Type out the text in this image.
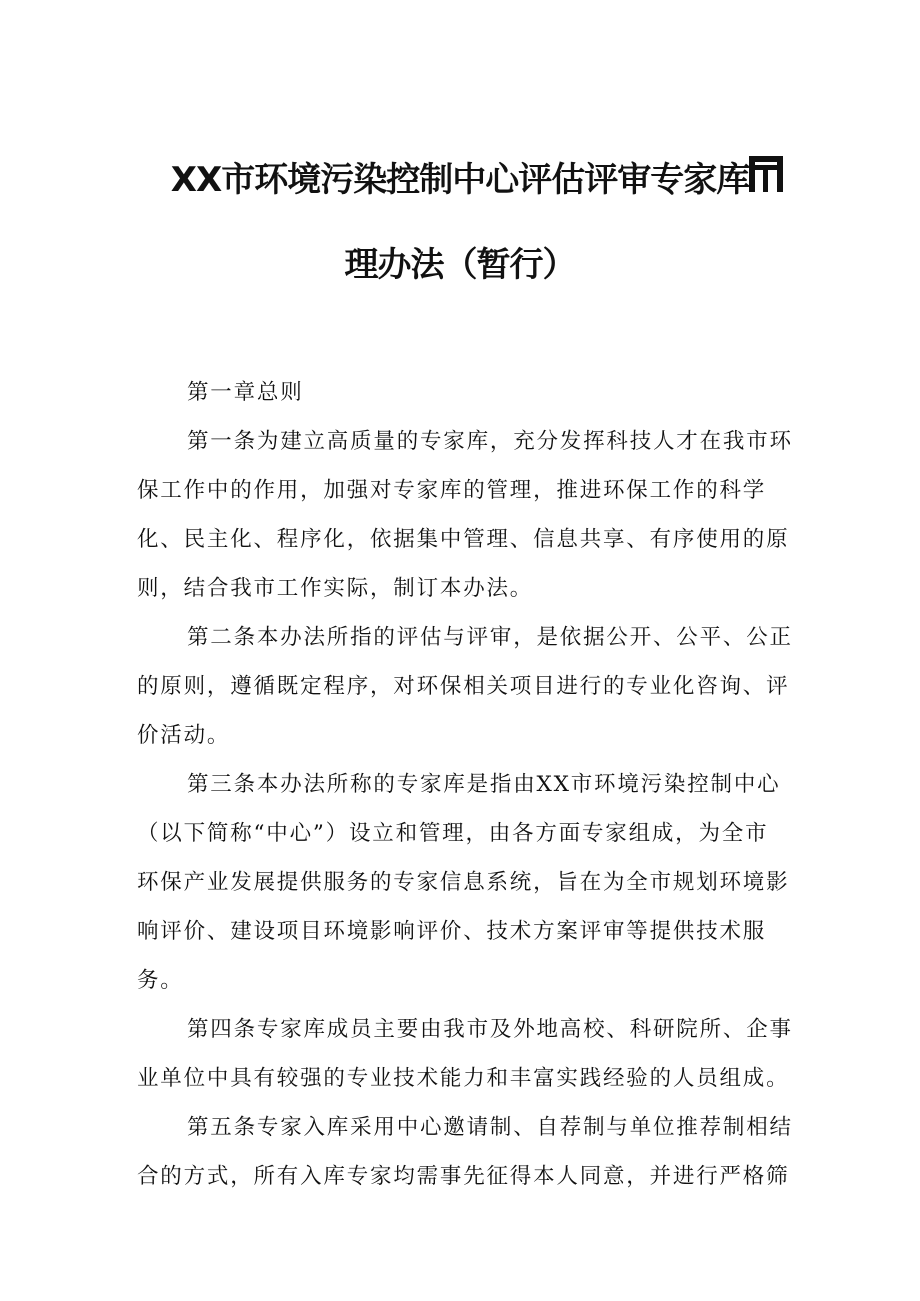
XX市环境污染控制中心评估评审专家库
理办法（暂行）
第一章总则
第一条为建立高质量的专家库，充分发挥科技人才在我市环
保工作中的作用，加强对专家库的管理，推进环保工作的科学
化、民主化、程序化，依据集中管理、信息共享、有序使用的原
则，结合我市工作实际，制订本办法。
第二条本办法所指的评估与评审，是依据公开、公平、公正
的原则，遵循既定程序，对环保相关项目进行的专业化咨询、评
价活动。
第三条本办法所称的专家库是指由XX市环境污染控制中心
（以下简称“中心”）设立和管理，由各方面专家组成，为全市
环保产业发展提供服务的专家信息系统，旨在为全市规划环境影
响评价、建设项目环境影响评价、技术方案评审等提供技术服
务。
第四条专家库成员主要由我市及外地高校、科研院所、企事
业单位中具有较强的专业技术能力和丰富实践经验的人员组成。
第五条专家入库采用中心邀请制、自荐制与单位推荐制相结
合的方式，所有入库专家均需事先征得本人同意，并进行严格筛
